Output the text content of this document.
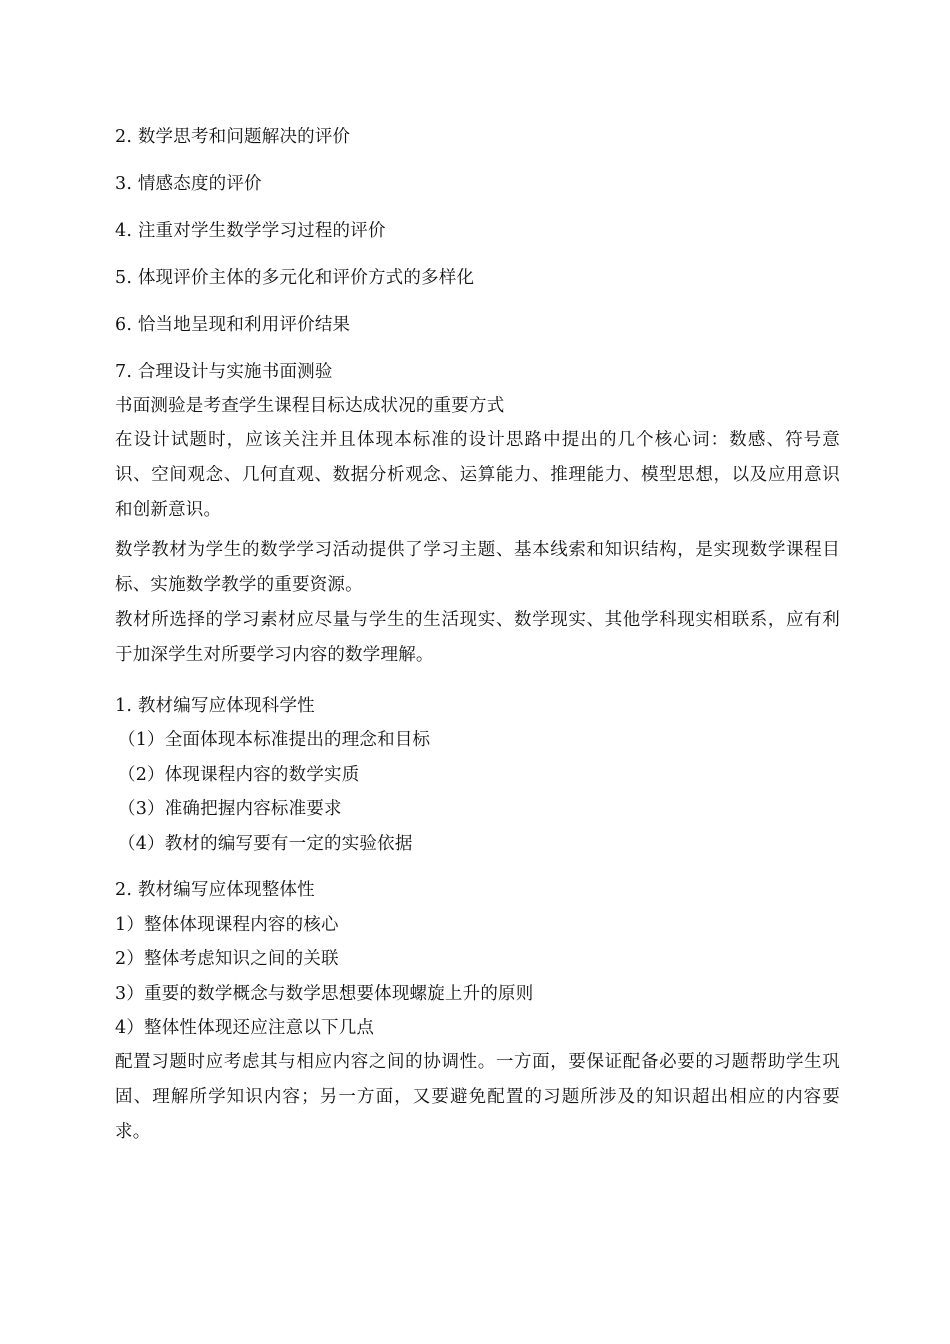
2. 数学思考和问题解决的评价
3. 情感态度的评价
4. 注重对学生数学学习过程的评价
5. 体现评价主体的多元化和评价方式的多样化
6. 恰当地呈现和利用评价结果
7. 合理设计与实施书面测验
书面测验是考查学生课程目标达成状况的重要方式
在设计试题时，应该关注并且体现本标准的设计思路中提出的几个核心词：数感、符号意识、空间观念、几何直观、数据分析观念、运算能力、推理能力、模型思想，以及应用意识和创新意识。
数学教材为学生的数学学习活动提供了学习主题、基本线索和知识结构，是实现数学课程目标、实施数学教学的重要资源。
教材所选择的学习素材应尽量与学生的生活现实、数学现实、其他学科现实相联系，应有利于加深学生对所要学习内容的数学理解。
1. 教材编写应体现科学性
（1）全面体现本标准提出的理念和目标
（2）体现课程内容的数学实质
（3）准确把握内容标准要求
（4）教材的编写要有一定的实验依据
2. 教材编写应体现整体性
1）整体体现课程内容的核心
2）整体考虑知识之间的关联
3）重要的数学概念与数学思想要体现螺旋上升的原则
4）整体性体现还应注意以下几点
配置习题时应考虑其与相应内容之间的协调性。一方面，要保证配备必要的习题帮助学生巩固、理解所学知识内容；另一方面，又要避免配置的习题所涉及的知识超出相应的内容要求。
